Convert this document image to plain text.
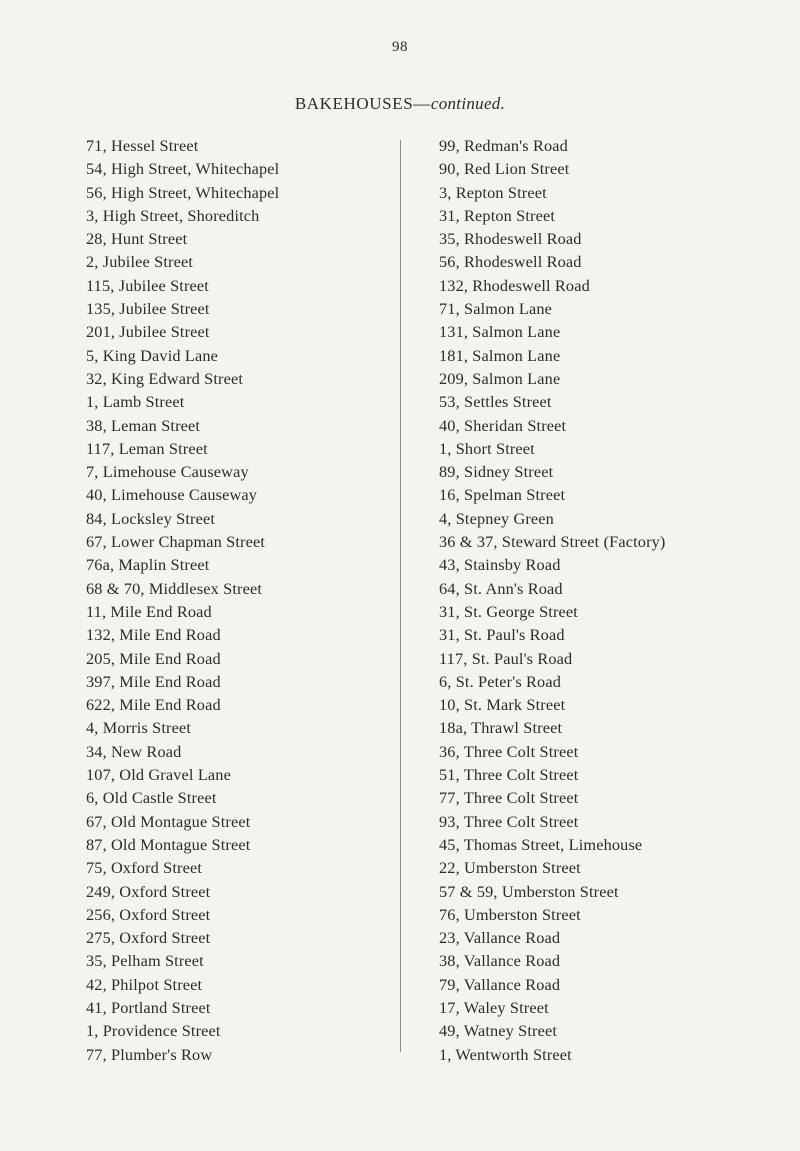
98
BAKEHOUSES—continued.
71, Hessel Street
54, High Street, Whitechapel
56, High Street, Whitechapel
3, High Street, Shoreditch
28, Hunt Street
2, Jubilee Street
115, Jubilee Street
135, Jubilee Street
201, Jubilee Street
5, King David Lane
32, King Edward Street
1, Lamb Street
38, Leman Street
117, Leman Street
7, Limehouse Causeway
40, Limehouse Causeway
84, Locksley Street
67, Lower Chapman Street
76a, Maplin Street
68 & 70, Middlesex Street
11, Mile End Road
132, Mile End Road
205, Mile End Road
397, Mile End Road
622, Mile End Road
4, Morris Street
34, New Road
107, Old Gravel Lane
6, Old Castle Street
67, Old Montague Street
87, Old Montague Street
75, Oxford Street
249, Oxford Street
256, Oxford Street
275, Oxford Street
35, Pelham Street
42, Philpot Street
41, Portland Street
1, Providence Street
77, Plumber's Row
99, Redman's Road
90, Red Lion Street
3, Repton Street
31, Repton Street
35, Rhodeswell Road
56, Rhodeswell Road
132, Rhodeswell Road
71, Salmon Lane
131, Salmon Lane
181, Salmon Lane
209, Salmon Lane
53, Settles Street
40, Sheridan Street
1, Short Street
89, Sidney Street
16, Spelman Street
4, Stepney Green
36 & 37, Steward Street (Factory)
43, Stainsby Road
64, St. Ann's Road
31, St. George Street
31, St. Paul's Road
117, St. Paul's Road
6, St. Peter's Road
10, St. Mark Street
18a, Thrawl Street
36, Three Colt Street
51, Three Colt Street
77, Three Colt Street
93, Three Colt Street
45, Thomas Street, Limehouse
22, Umberston Street
57 & 59, Umberston Street
76, Umberston Street
23, Vallance Road
38, Vallance Road
79, Vallance Road
17, Waley Street
49, Watney Street
1, Wentworth Street
